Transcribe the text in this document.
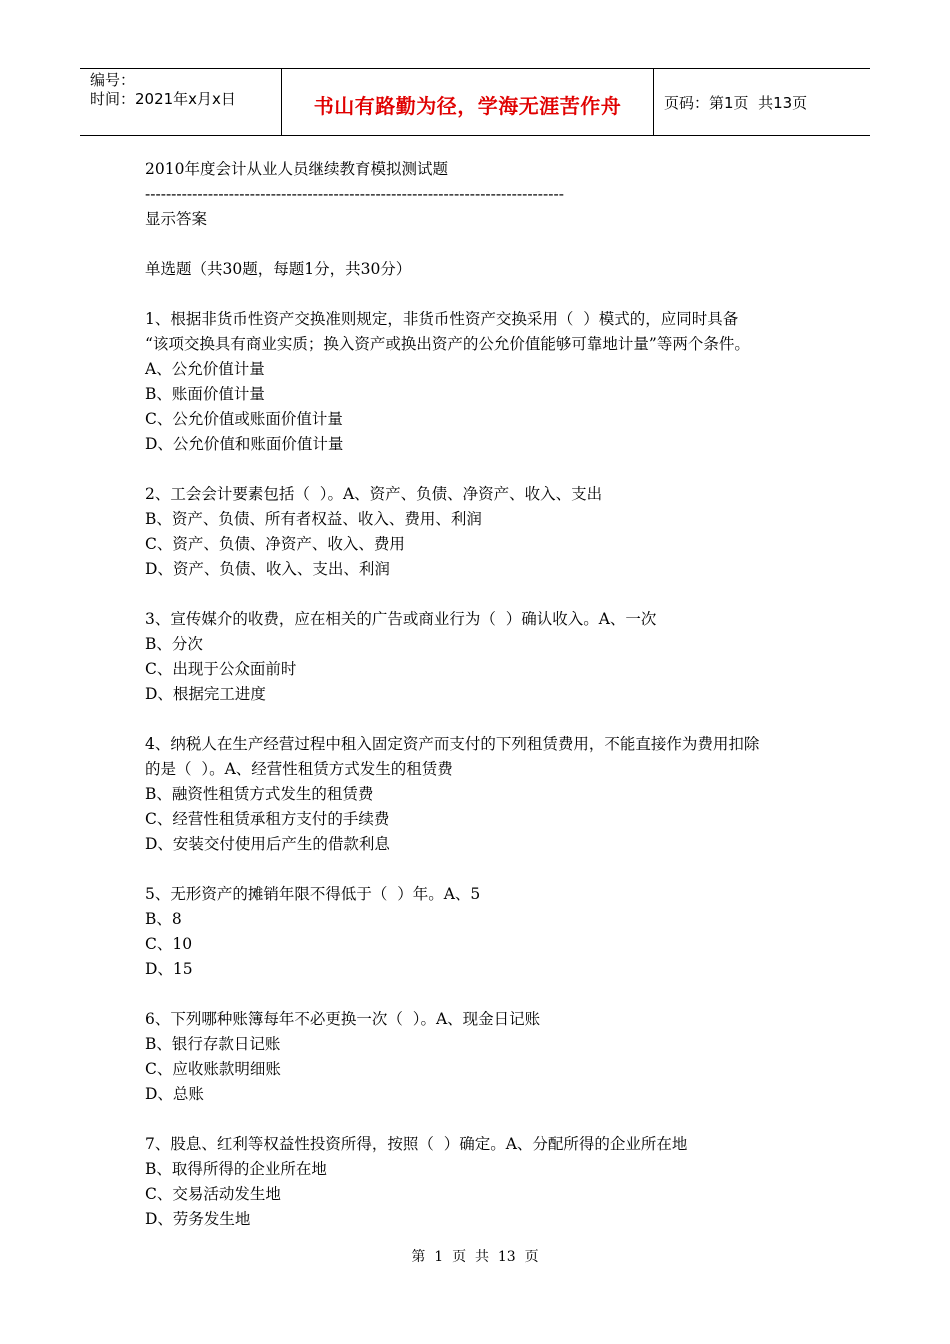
编号：
时间：2021年x月x日	书山有路勤为径，学海无涯苦作舟	页码：第1页  共13页

2010年度会计从业人员继续教育模拟测试题

--------------------------------------------------------------------------------

显示答案

单选题（共30题，每题1分，共30分）

1、根据非货币性资产交换准则规定，非货币性资产交换采用（  ）模式的，应同时具备

“该项交换具有商业实质；换入资产或换出资产的公允价值能够可靠地计量”等两个条件。

A、公允价值计量

B、账面价值计量

C、公允价值或账面价值计量

D、公允价值和账面价值计量

2、工会会计要素包括（  ）。A、资产、负债、净资产、收入、支出

B、资产、负债、所有者权益、收入、费用、利润

C、资产、负债、净资产、收入、费用

D、资产、负债、收入、支出、利润

3、宣传媒介的收费，应在相关的广告或商业行为（  ）确认收入。A、一次

B、分次

C、出现于公众面前时

D、根据完工进度

4、纳税人在生产经营过程中租入固定资产而支付的下列租赁费用，不能直接作为费用扣除

的是（  ）。A、经营性租赁方式发生的租赁费

B、融资性租赁方式发生的租赁费

C、经营性租赁承租方支付的手续费

D、安装交付使用后产生的借款利息

5、无形资产的摊销年限不得低于（  ）年。A、5

B、8

C、10

D、15

6、下列哪种账簿每年不必更换一次（  ）。A、现金日记账

B、银行存款日记账

C、应收账款明细账

D、总账

7、股息、红利等权益性投资所得，按照（  ）确定。A、分配所得的企业所在地

B、取得所得的企业所在地

C、交易活动发生地

D、劳务发生地

第  1  页  共  13  页
